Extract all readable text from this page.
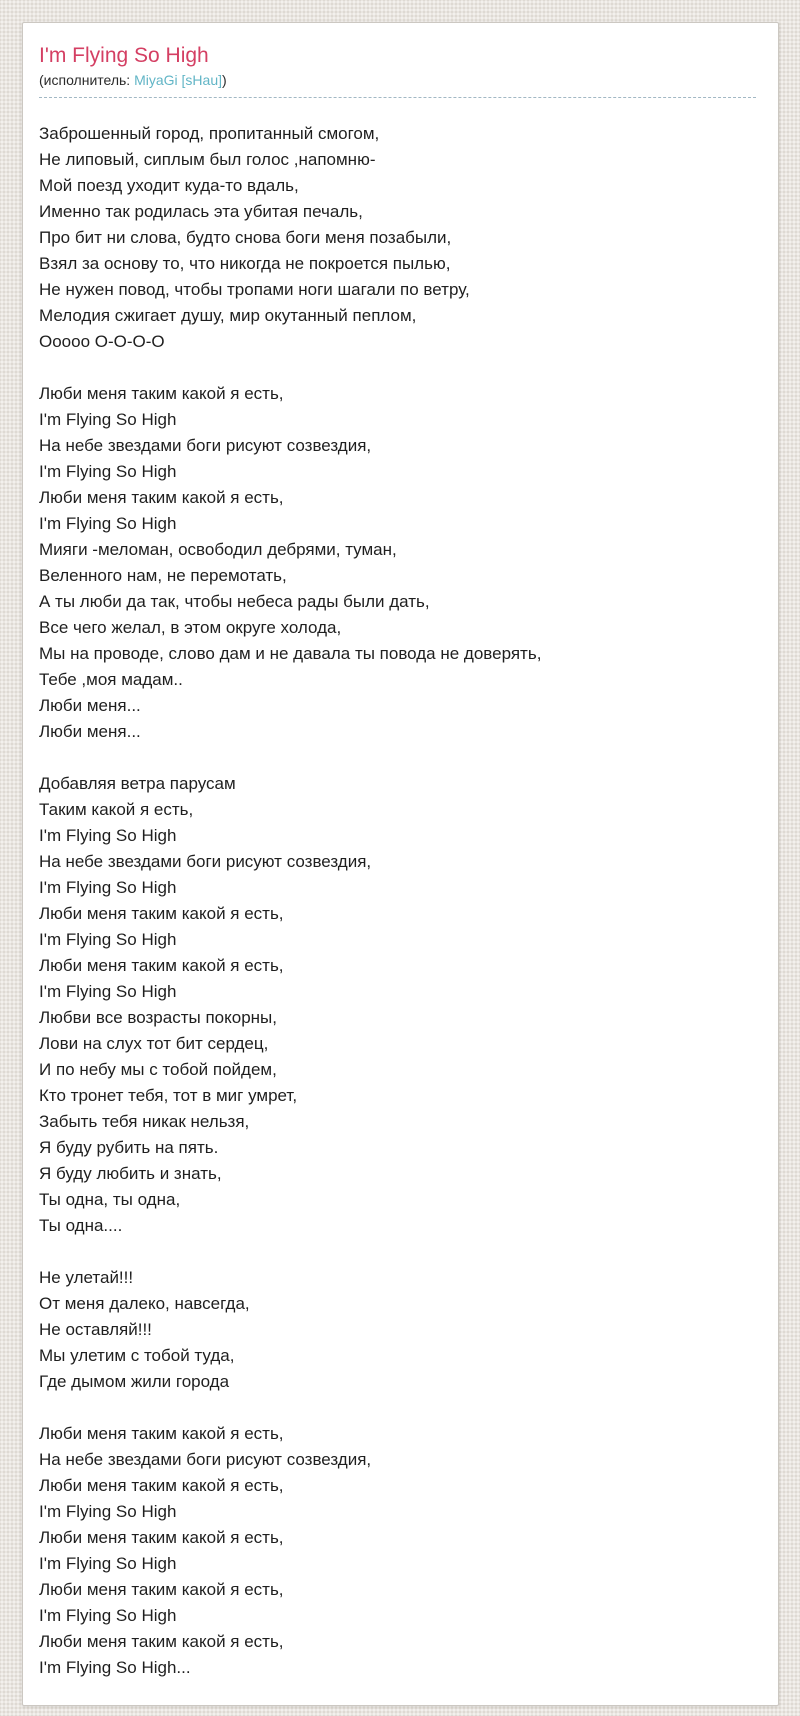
I'm Flying So High
(исполнитель: MiyaGi [sHau])

Заброшенный город, пропитанный смогом,
Не липовый, сиплым был голос ,напомню-
Мой поезд уходит куда-то вдаль,
Именно так родилась эта убитая печаль,
Про бит ни слова, будто снова боги меня позабыли,
Взял за основу то, что никогда не покроется пылью,
Не нужен повод, чтобы тропами ноги шагали по ветру,
Мелодия сжигает душу, мир окутанный пеплом,
Ooooo O-O-O-O

Люби меня таким какой я есть,
I'm Flying So High
На небе звездами боги рисуют созвездия,
I'm Flying So High
Люби меня таким какой я есть,
I'm Flying So High
Мияги -меломан, освободил дебрями, туман,
Веленного нам, не перемотать,
А ты люби да так, чтобы небеса рады были дать,
Все чего желал, в этом округе холода,
Мы на проводе, слово дам и не давала ты повода не доверять,
Тебе ,моя мадам..
Люби меня...
Люби меня...

Добавляя ветра парусам
Таким какой я есть,
I'm Flying So High
На небе звездами боги рисуют созвездия,
I'm Flying So High
Люби меня таким какой я есть,
I'm Flying So High
Люби меня таким какой я есть,
I'm Flying So High
Любви все возрасты покорны,
Лови на слух тот бит сердец,
И по небу мы с тобой пойдем,
Кто тронет тебя, тот в миг умрет,
Забыть тебя никак нельзя,
Я буду рубить на пять.
Я буду любить и знать,
Ты одна, ты одна,
Ты одна....

Не улетай!!!
От меня далеко, навсегда,
Не оставляй!!!
Мы улетим с тобой туда,
Где дымом жили города

Люби меня таким какой я есть,
На небе звездами боги рисуют созвездия,
Люби меня таким какой я есть,
I'm Flying So High
Люби меня таким какой я есть,
I'm Flying So High
Люби меня таким какой я есть,
I'm Flying So High
Люби меня таким какой я есть,
I'm Flying So High...
